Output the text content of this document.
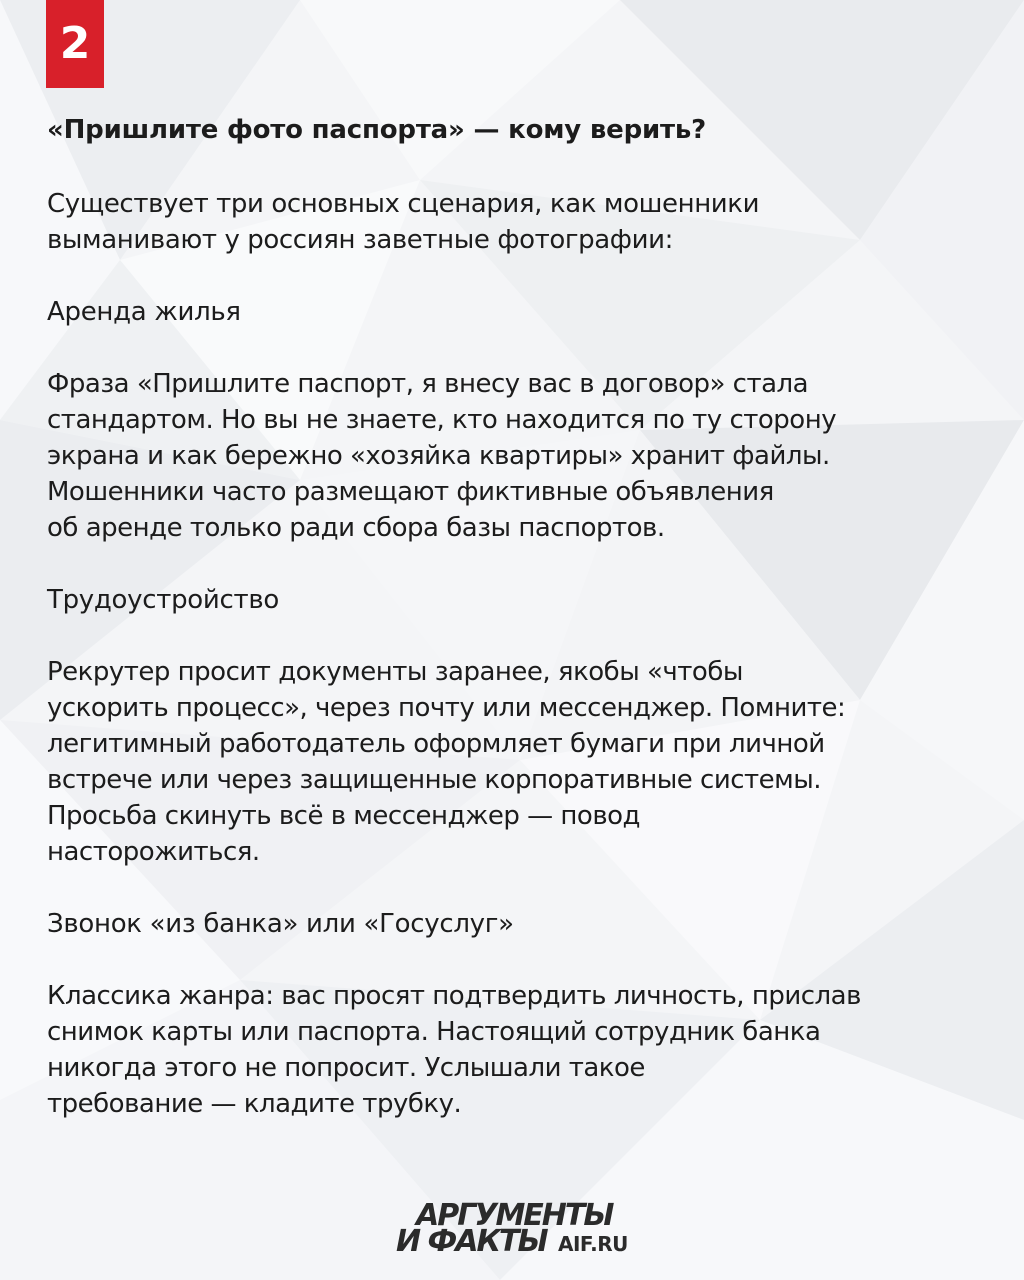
2
«Пришлите фото паспорта» — кому верить?

Существует три основных сценария, как мошенники
выманивают у россиян заветные фотографии:

Аренда жилья

Фраза «Пришлите паспорт, я внесу вас в договор» стала
стандартом. Но вы не знаете, кто находится по ту сторону
экрана и как бережно «хозяйка квартиры» хранит файлы.
Мошенники часто размещают фиктивные объявления
об аренде только ради сбора базы паспортов.

Трудоустройство

Рекрутер просит документы заранее, якобы «чтобы
ускорить процесс», через почту или мессенджер. Помните:
легитимный работодатель оформляет бумаги при личной
встрече или через защищенные корпоративные системы.
Просьба скинуть всё в мессенджер — повод
насторожиться.

Звонок «из банка» или «Госуслуг»

Классика жанра: вас просят подтвердить личность, прислав
снимок карты или паспорта. Настоящий сотрудник банка
никогда этого не попросит. Услышали такое
требование — кладите трубку.

АРГУМЕНТЫ
И ФАКТЫ AIF.RU
